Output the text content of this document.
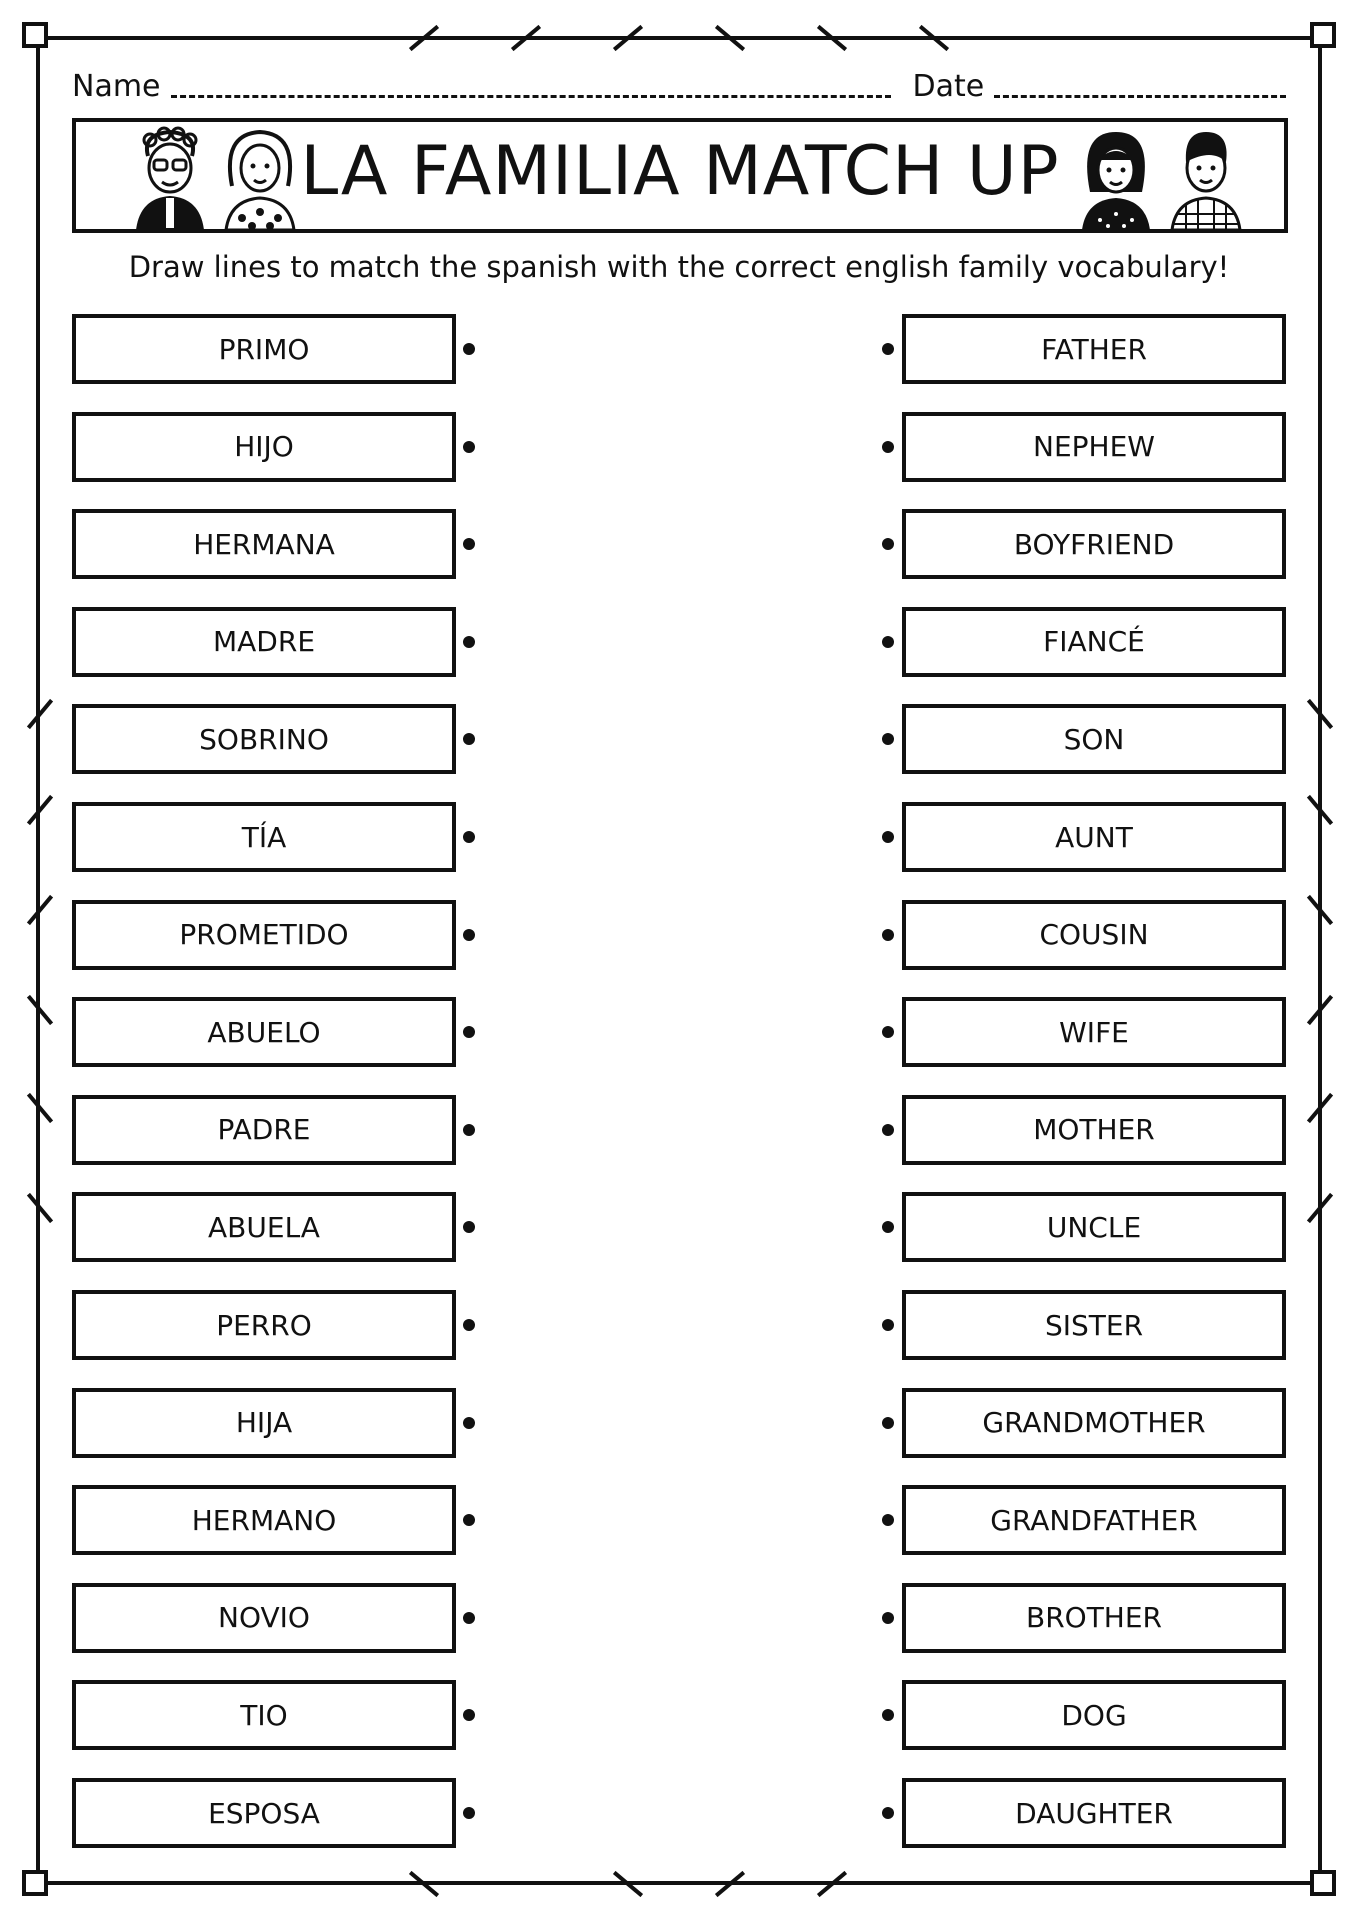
Name	Date
LA FAMILIA MATCH UP
Draw lines to match the spanish with the correct english family vocabulary!
PRIMO	FATHER
HIJO	NEPHEW
HERMANA	BOYFRIEND
MADRE	FIANCÉ
SOBRINO	SON
TÍA	AUNT
PROMETIDO	COUSIN
ABUELO	WIFE
PADRE	MOTHER
ABUELA	UNCLE
PERRO	SISTER
HIJA	GRANDMOTHER
HERMANO	GRANDFATHER
NOVIO	BROTHER
TIO	DOG
ESPOSA	DAUGHTER
